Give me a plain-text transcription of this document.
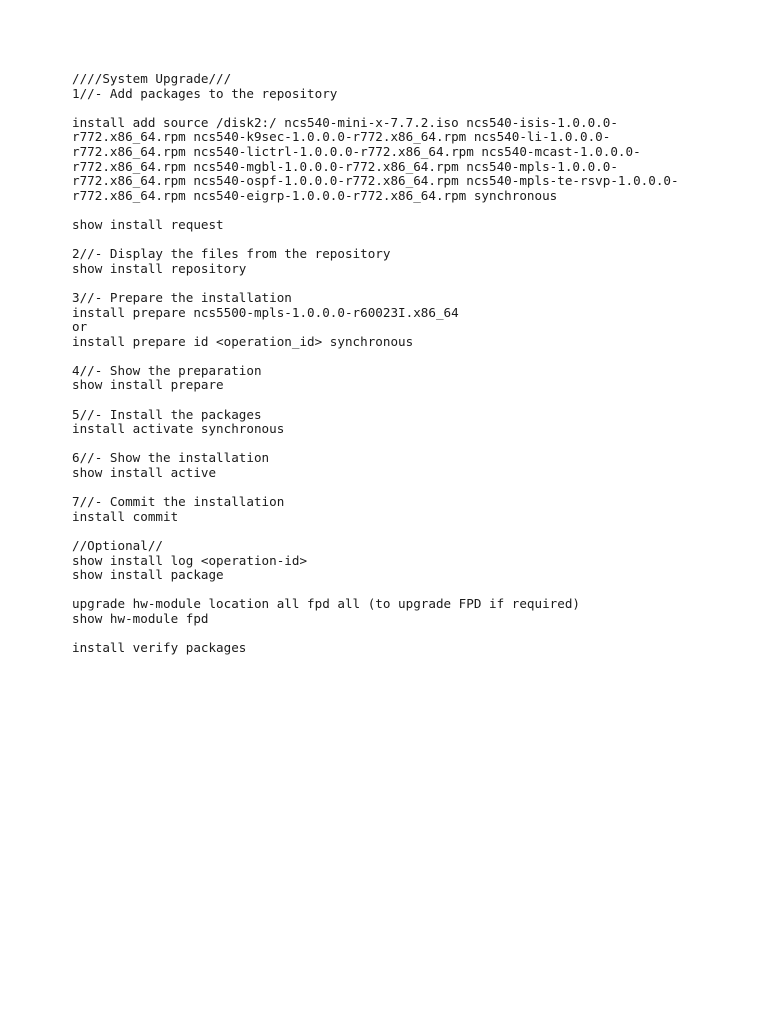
////System Upgrade///
1//- Add packages to the repository
install add source /disk2:/ ncs540-mini-x-7.7.2.iso ncs540-isis-1.0.0.0-
r772.x86_64.rpm ncs540-k9sec-1.0.0.0-r772.x86_64.rpm ncs540-li-1.0.0.0-
r772.x86_64.rpm ncs540-lictrl-1.0.0.0-r772.x86_64.rpm ncs540-mcast-1.0.0.0-
r772.x86_64.rpm ncs540-mgbl-1.0.0.0-r772.x86_64.rpm ncs540-mpls-1.0.0.0-
r772.x86_64.rpm ncs540-ospf-1.0.0.0-r772.x86_64.rpm ncs540-mpls-te-rsvp-1.0.0.0-
r772.x86_64.rpm ncs540-eigrp-1.0.0.0-r772.x86_64.rpm synchronous
show install request
2//- Display the files from the repository
show install repository
3//- Prepare the installation
install prepare ncs5500-mpls-1.0.0.0-r60023I.x86_64
or
install prepare id <operation_id> synchronous
4//- Show the preparation
show install prepare
5//- Install the packages
install activate synchronous
6//- Show the installation
show install active
7//- Commit the installation
install commit
//Optional//
show install log <operation-id>
show install package
upgrade hw-module location all fpd all (to upgrade FPD if required)
show hw-module fpd
install verify packages
